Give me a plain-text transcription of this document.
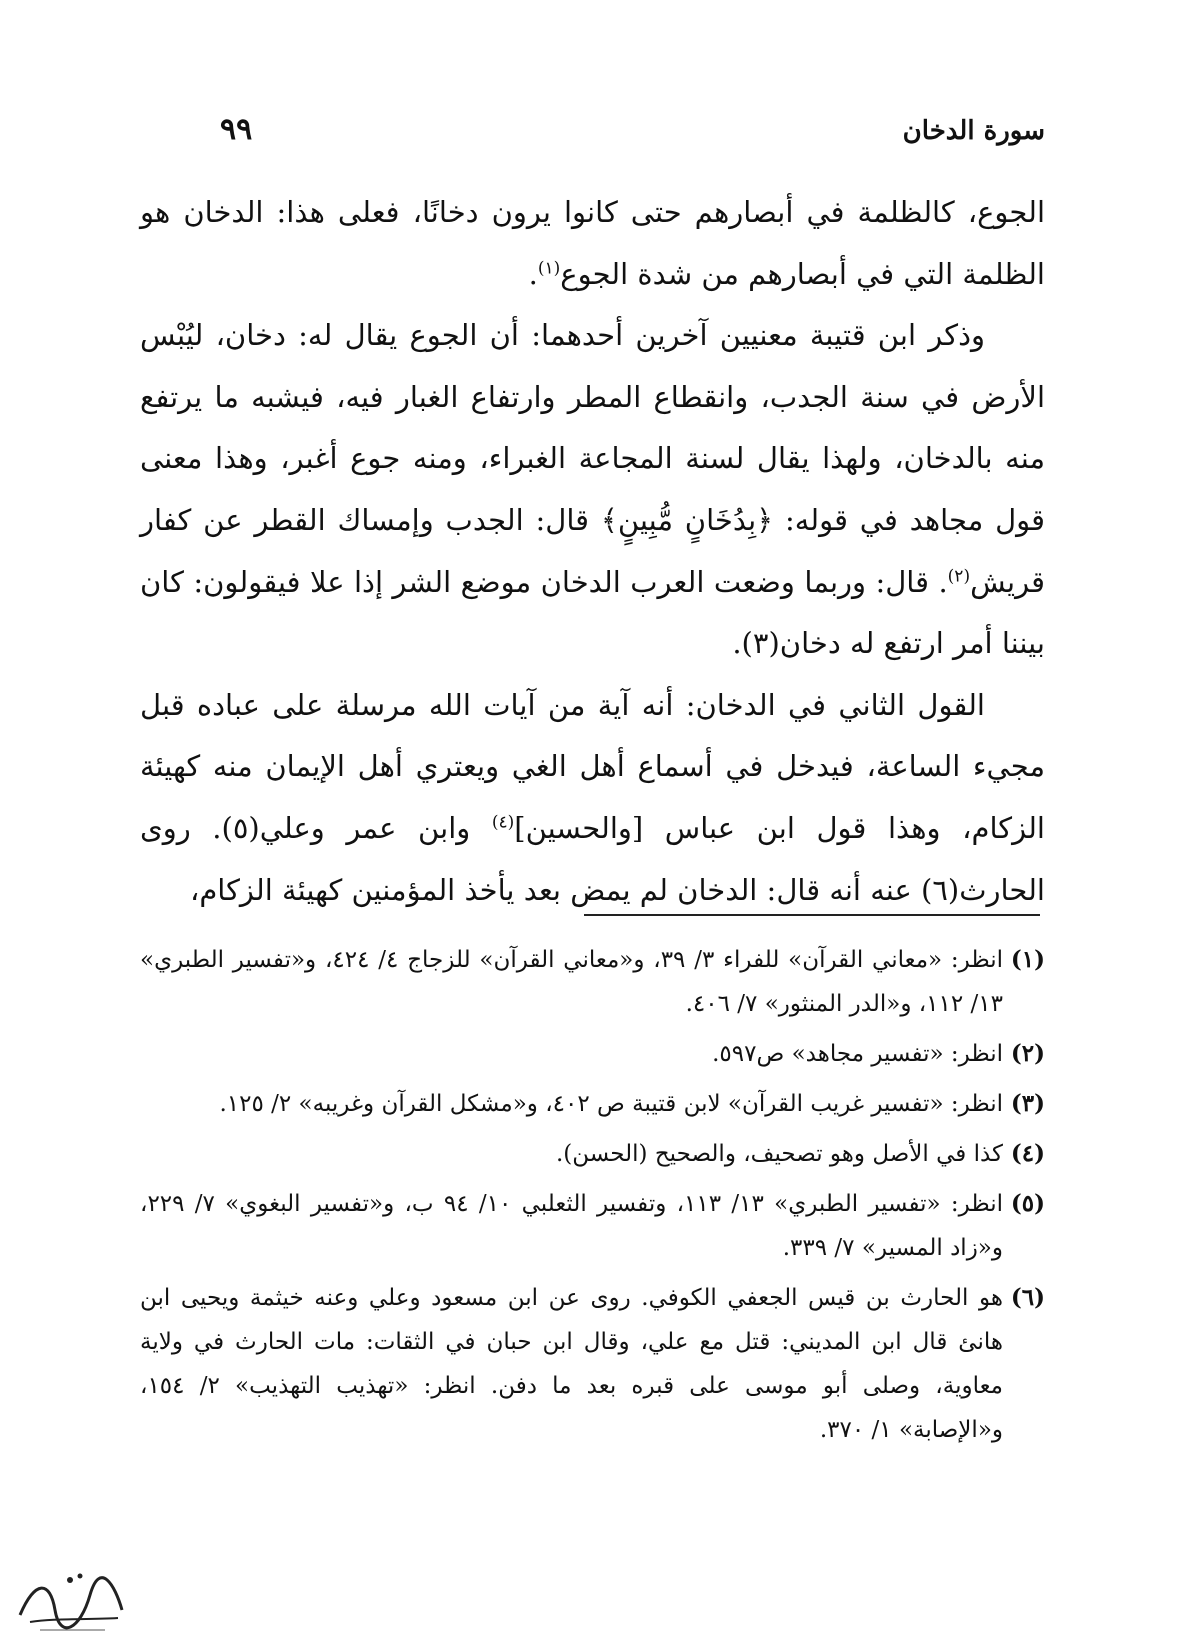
٩٩	سورة الدخان

الجوع، كالظلمة في أبصارهم حتى كانوا يرون دخانًا، فعلى هذا: الدخان هو الظلمة التي في أبصارهم من شدة الجوع$^{(١)}$.

وذكر ابن قتيبة معنيين آخرين أحدهما: أن الجوع يقال له: دخان، ليُبْس الأرض في سنة الجدب، وانقطاع المطر وارتفاع الغبار فيه، فيشبه ما يرتفع منه بالدخان، ولهذا يقال لسنة المجاعة الغبراء، ومنه جوع أغبر، وهذا معنى قول مجاهد في قوله: ﴿بِدُخَانٍ مُّبِينٍ﴾ قال: الجدب وإمساك القطر عن كفار قريش$^{(٢)}$. قال: وربما وضعت العرب الدخان موضع الشر إذا علا فيقولون: كان بيننا أمر ارتفع له دخان(٣).

القول الثاني في الدخان: أنه آية من آيات الله مرسلة على عباده قبل مجيء الساعة، فيدخل في أسماع أهل الغي ويعتري أهل الإيمان منه كهيئة الزكام، وهذا قول ابن عباس [والحسين]$^{(٤)}$ وابن عمر وعلي(٥). روى الحارث(٦) عنه أنه قال: الدخان لم يمض بعد يأخذ المؤمنين كهيئة الزكام،

(١)انظر: «معاني القرآن» للفراء ٣/ ٣٩، و«معاني القرآن» للزجاج ٤/ ٤٢٤، و«تفسير الطبري» ١٣/ ١١٢، و«الدر المنثور» ٧/ ٤٠٦.

(٢)انظر: «تفسير مجاهد» ص٥٩٧.

(٣)انظر: «تفسير غريب القرآن» لابن قتيبة ص ٤٠٢، و«مشكل القرآن وغريبه» ٢/ ١٢٥.

(٤)كذا في الأصل وهو تصحيف، والصحيح (الحسن).

(٥)انظر: «تفسير الطبري» ١٣/ ١١٣، وتفسير الثعلبي ١٠/ ٩٤ ب، و«تفسير البغوي» ٧/ ٢٢٩، و«زاد المسير» ٧/ ٣٣٩.

(٦)هو الحارث بن قيس الجعفي الكوفي. روى عن ابن مسعود وعلي وعنه خيثمة ويحيى ابن هانئ قال ابن المديني: قتل مع علي، وقال ابن حبان في الثقات: مات الحارث في ولاية معاوية، وصلى أبو موسى على قبره بعد ما دفن. انظر: «تهذيب التهذيب» ٢/ ١٥٤، و«الإصابة» ١/ ٣٧٠.
